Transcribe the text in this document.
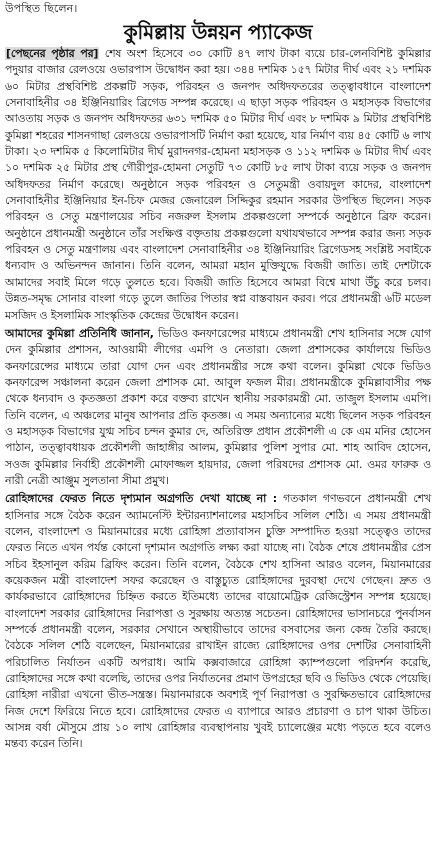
উপস্থিত ছিলেন।
কুমিল্লায় উন্নয়ন প্যাকেজ

[পেছনের পৃষ্ঠার পর] শেষ অংশ হিসেবে ৩০ কোটি ৪৭ লাখ টাকা ব্যয়ে চার-লেনবিশিষ্ট কুমিল্লার পদুয়ার বাজার রেলওয়ে ওভারপাস উদ্বোধন করা হয়। ৩৪৪ দশমিক ১৫৭ মিটার দীর্ঘ এবং ২১ দশমিক ৬০ মিটার প্রস্থবিশিষ্ট প্রকল্পটি সড়ক, পরিবহন ও জনপদ অধিদফতরের তত্ত্বাবধানে বাংলাদেশ সেনাবাহিনীর ৩৪ ইঞ্জিনিয়ারিং ব্রিগেড সম্পন্ন করেছে। এ ছাড়া সড়ক পরিবহন ও মহাসড়ক বিভাগের আওতায় সড়ক ও জনপদ অধিদফতর ৬৩১ দশমিক ৫০ মিটার দীর্ঘ এবং ৮ দশমিক ৯ মিটার প্রস্থবিশিষ্ট কুমিল্লা শহরের শাসনগাছা রেলওয়ে ওভারপাসটি নির্মাণ করা হয়েছে, যার নির্মাণ ব্যয় ৪৫ কোটি ৬ লাখ টাকা। ২৩ দশমিক ৫ কিলোমিটার দীর্ঘ মুরাদনগর-হোমনা মহাসড়ক ও ১১২ দশমিক ৬ মিটার দীর্ঘ এবং ১০ দশমিক ২৫ মিটার প্রস্থ গৌরীপুর-হোমনা সেতুটি ৭৩ কোটি ৮৫ লাখ টাকা ব্যয়ে সড়ক ও জনপদ অধিদফতর নির্মাণ করেছে। অনুষ্ঠানে সড়ক পরিবহন ও সেতুমন্ত্রী ওবায়দুল কাদের, বাংলাদেশ সেনাবাহিনীর ইঞ্জিনিয়ার ইন-চিফ মেজর জেনারেল সিদ্দিকুর রহমান সরকার উপস্থিত ছিলেন। সড়ক পরিবহন ও সেতু মন্ত্রণালয়ের সচিব নজরুল ইসলাম প্রকল্পগুলো সম্পর্কে অনুষ্ঠানে ব্রিফ করেন। অনুষ্ঠানে প্রধানমন্ত্রী অনুষ্ঠানে তাঁর সংক্ষিপ্ত বক্তৃতায় প্রকল্পগুলো যথাযথভাবে সম্পন্ন করার জন্য সড়ক পরিবহন ও সেতু মন্ত্রণালয় এবং বাংলাদেশ সেনাবাহিনীর ৩৪ ইঞ্জিনিয়ারিং ব্রিগেডসহ সংশ্লিষ্ট সবাইকে ধন্যবাদ ও অভিনন্দন জানান। তিনি বলেন, আমরা মহান মুক্তিযুদ্ধে বিজয়ী জাতি। তাই দেশটাকে আমাদের সবাই মিলে গড়ে তুলতে হবে। বিজয়ী জাতি হিসেবে আমরা বিশ্বে মাথা উঁচু করে চলব। উন্নত-সমৃদ্ধ সোনার বাংলা গড়ে তুলে জাতির পিতার স্বপ্ন বাস্তবায়ন করব। পরে প্রধানমন্ত্রী ৬টি মডেল মসজিদ ও ইসলামিক সাংস্কৃতিক কেন্দ্রের উদ্বোধন করেন।

আমাদের কুমিল্লা প্রতিনিধি জানান, ভিডিও কনফারেন্সের মাধ্যমে প্রধানমন্ত্রী শেখ হাসিনার সঙ্গে যোগ দেন কুমিল্লার প্রশাসন, আওয়ামী লীগের এমপি ও নেতারা। জেলা প্রশাসকের কার্যালয়ে ভিডিও কনফারেন্সের মাধ্যমে তারা যোগ দেন এবং প্রধানমন্ত্রীর সঙ্গে কথা বলেন। কুমিল্লা থেকে ভিডিও কনফারেন্স সঞ্চালনা করেন জেলা প্রশাসক মো. আবুল ফজল মীর। প্রধানমন্ত্রীকে কুমিল্লাবাসীর পক্ষ থেকে ধন্যবাদ ও কৃতজ্ঞতা প্রকাশ করে বক্তব্য রাখেন স্থানীয় সরকারমন্ত্রী মো. তাজুল ইসলাম এমপি। তিনি বলেন, এ অঞ্চলের মানুষ আপনার প্রতি কৃতজ্ঞ। এ সময় অন্যান্যের মধ্যে ছিলেন সড়ক পরিবহন ও মহাসড়ক বিভাগের যুগ্ম সচিব চন্দন কুমার দে, অতিরিক্ত প্রধান প্রকৌশলী এ কে এম মনির হোসেন পাঠান, তত্ত্বাবধায়ক প্রকৌশলী জাহাঙ্গীর আলম, কুমিল্লার পুলিশ সুপার মো. শাহ আবিদ হোসেন, সওজ কুমিল্লার নির্বাহী প্রকৌশলী মোফাজ্জল হায়দার, জেলা পরিষদের প্রশাসক মো. ওমর ফারুক ও নারী নেত্রী আঞ্জুম সুলতানা সীমা প্রমুখ।

রোহিঙ্গাদের ফেরত নিতে দৃশ্যমান অগ্রগতি দেখা যাচ্ছে না : গতকাল গণভবনে প্রধানমন্ত্রী শেখ হাসিনার সঙ্গে বৈঠক করেন অ্যামনেস্টি ইন্টারন্যাশনালের মহাসচিব সলিল শেঠি। এ সময় প্রধানমন্ত্রী বলেন, বাংলাদেশ ও মিয়ানমারের মধ্যে রোহিঙ্গা প্রত্যাবাসন চুক্তি সম্পাদিত হওয়া সত্ত্বেও তাদের ফেরত নিতে এখন পর্যন্ত কোনো দৃশ্যমান অগ্রগতি লক্ষ্য করা যাচ্ছে না। বৈঠক শেষে প্রধানমন্ত্রীর প্রেস সচিব ইহসানুল করিম ব্রিফিং করেন। তিনি বলেন, বৈঠকে শেখ হাসিনা আরও বলেন, মিয়ানমারের কয়েকজন মন্ত্রী বাংলাদেশ সফর করেছেন ও বাস্তুচ্যুত রোহিঙ্গাদের দুরবস্থা দেখে গেছেন। দ্রুত ও কার্যকরভাবে রোহিঙ্গাদের চিহ্নিত করতে ইতিমধ্যে তাদের বায়োমেট্রিক রেজিস্ট্রেশন সম্পন্ন হয়েছে। বাংলাদেশ সরকার রোহিঙ্গাদের নিরাপত্তা ও সুরক্ষায় অত্যন্ত সচেতন। রোহিঙ্গাদের ভাসানচরে পুনর্বাসন সম্পর্কে প্রধানমন্ত্রী বলেন, সরকার সেখানে অস্থায়ীভাবে তাদের বসবাসের জন্য কেন্দ্র তৈরি করছে। বৈঠকে সলিল শেঠি বলেছেন, মিয়ানমারের রাখাইন রাজ্যে রোহিঙ্গাদের ওপর দেশটির সেনাবাহিনী পরিচালিত নির্যাতন একটি অপরাধ। আমি কক্সবাজারে রোহিঙ্গা ক্যাম্পগুলো পরিদর্শন করেছি, রোহিঙ্গাদের সঙ্গে কথা বলেছি, তাদের ওপর নির্যাতনের প্রমাণ উপগ্রহের ছবি ও ভিডিও থেকে পেয়েছি। রোহিঙ্গা নারীরা এখনো ভীত-সন্ত্রস্ত। মিয়ানমারকে অবশ্যই পূর্ণ নিরাপত্তা ও সুরক্ষিতভাবে রোহিঙ্গাদের নিজ দেশে ফিরিয়ে নিতে হবে। রোহিঙ্গাদের ফেরত এ ব্যাপারে আরও প্রচারণা ও চাপ থাকা উচিত। আসন্ন বর্ষা মৌসুমে প্রায় ১০ লাখ রোহিঙ্গার ব্যবস্থাপনায় খুবই চ্যালেঞ্জের মধ্যে পড়তে হবে বলেও মন্তব্য করেন তিনি।
